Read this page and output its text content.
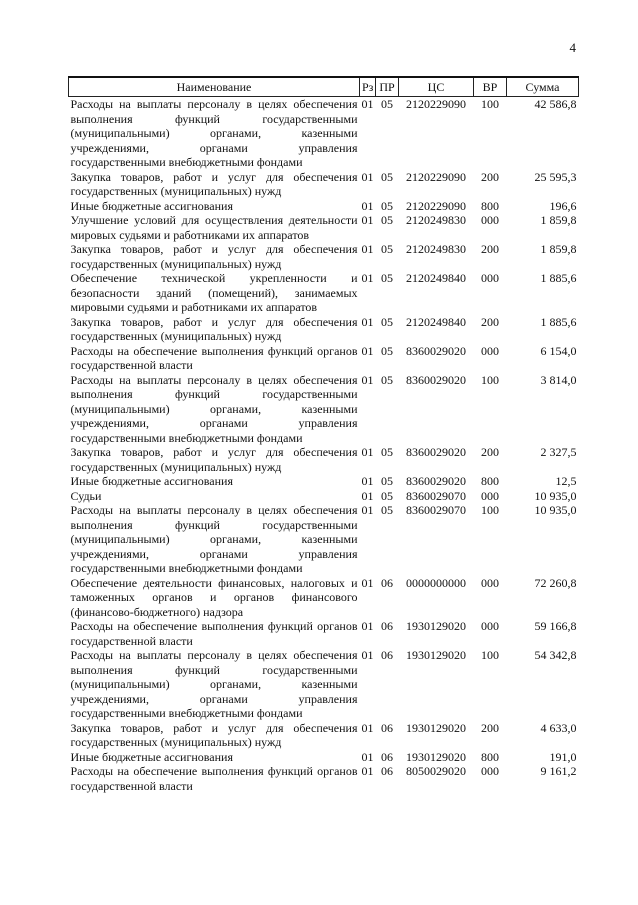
4
Наименование	Рз	ПР	ЦС	ВР	Сумма
Расходы на выплаты персоналу в целях обеспечения выполнения функций государственными (муниципальными) органами, казенными учреждениями, органами управления государственными внебюджетными фондами	01	05	2120229090	100	42 586,8
Закупка товаров, работ и услуг для обеспечения государственных (муниципальных) нужд	01	05	2120229090	200	25 595,3
Иные бюджетные ассигнования	01	05	2120229090	800	196,6
Улучшение условий для осуществления деятельности мировых судьями и работниками их аппаратов	01	05	2120249830	000	1 859,8
Закупка товаров, работ и услуг для обеспечения государственных (муниципальных) нужд	01	05	2120249830	200	1 859,8
Обеспечение технической укрепленности и безопасности зданий (помещений), занимаемых мировыми судьями и работниками их аппаратов	01	05	2120249840	000	1 885,6
Закупка товаров, работ и услуг для обеспечения государственных (муниципальных) нужд	01	05	2120249840	200	1 885,6
Расходы на обеспечение выполнения функций органов государственной власти	01	05	8360029020	000	6 154,0
Расходы на выплаты персоналу в целях обеспечения выполнения функций государственными (муниципальными) органами, казенными учреждениями, органами управления государственными внебюджетными фондами	01	05	8360029020	100	3 814,0
Закупка товаров, работ и услуг для обеспечения государственных (муниципальных) нужд	01	05	8360029020	200	2 327,5
Иные бюджетные ассигнования	01	05	8360029020	800	12,5
Судьи	01	05	8360029070	000	10 935,0
Расходы на выплаты персоналу в целях обеспечения выполнения функций государственными (муниципальными) органами, казенными учреждениями, органами управления государственными внебюджетными фондами	01	05	8360029070	100	10 935,0
Обеспечение деятельности финансовых, налоговых и таможенных органов и органов финансового (финансово-бюджетного) надзора	01	06	0000000000	000	72 260,8
Расходы на обеспечение выполнения функций органов государственной власти	01	06	1930129020	000	59 166,8
Расходы на выплаты персоналу в целях обеспечения выполнения функций государственными (муниципальными) органами, казенными учреждениями, органами управления государственными внебюджетными фондами	01	06	1930129020	100	54 342,8
Закупка товаров, работ и услуг для обеспечения государственных (муниципальных) нужд	01	06	1930129020	200	4 633,0
Иные бюджетные ассигнования	01	06	1930129020	800	191,0
Расходы на обеспечение выполнения функций органов государственной власти	01	06	8050029020	000	9 161,2
